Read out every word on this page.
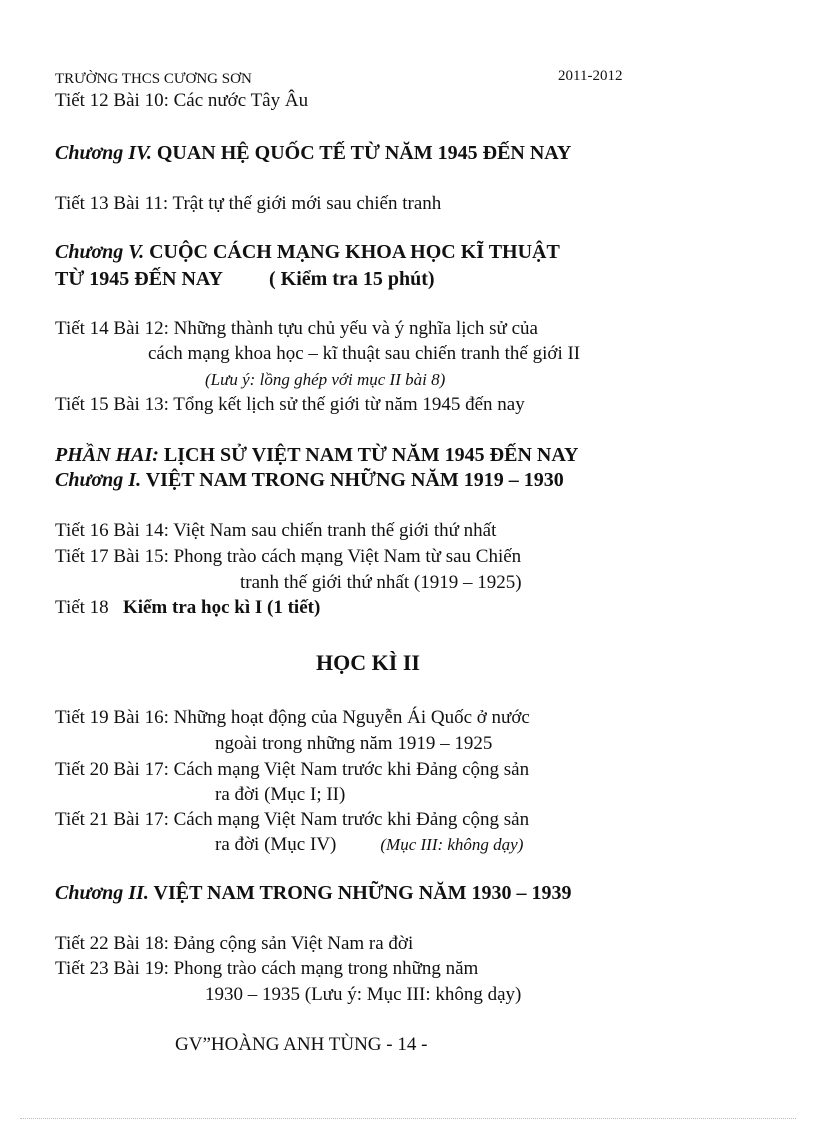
TRƯỜNG THCS CƯƠNG SƠN	2011-2012
Tiết 12 Bài 10: Các nước Tây Âu
Chương IV. QUAN HỆ QUỐC TẾ TỪ NĂM 1945 ĐẾN NAY
Tiết 13 Bài 11: Trật tự thế giới mới sau chiến tranh
Chương V. CUỘC CÁCH MẠNG KHOA HỌC KĨ THUẬT
TỪ 1945 ĐẾN NAY ( Kiểm tra 15 phút)
Tiết 14 Bài 12: Những thành tựu chủ yếu và ý nghĩa lịch sử của
cách mạng khoa học – kĩ thuật sau chiến tranh thế giới II
(Lưu ý: lồng ghép với mục II bài 8)
Tiết 15 Bài 13: Tổng kết lịch sử thế giới từ năm 1945 đến nay
PHẦN HAI: LỊCH SỬ VIỆT NAM TỪ NĂM 1945 ĐẾN NAY
Chương I. VIỆT NAM TRONG NHỮNG NĂM 1919 – 1930
Tiết 16 Bài 14: Việt Nam sau chiến tranh thế giới thứ nhất
Tiết 17 Bài 15: Phong trào cách mạng Việt Nam từ sau Chiến
tranh thế giới thứ nhất (1919 – 1925)
Tiết 18 Kiểm tra học kì I (1 tiết)
HỌC KÌ II
Tiết 19 Bài 16: Những hoạt động của Nguyễn Ái Quốc ở nước
ngoài trong những năm 1919 – 1925
Tiết 20 Bài 17: Cách mạng Việt Nam trước khi Đảng cộng sản
ra đời (Mục I; II)
Tiết 21 Bài 17: Cách mạng Việt Nam trước khi Đảng cộng sản
ra đời (Mục IV)	(Mục III: không dạy)
Chương II. VIỆT NAM TRONG NHỮNG NĂM 1930 – 1939
Tiết 22 Bài 18: Đảng cộng sản Việt Nam ra đời
Tiết 23 Bài 19: Phong trào cách mạng trong những năm
1930 – 1935 (Lưu ý: Mục III: không dạy)
GV”HOÀNG ANH TÙNG - 14 -
